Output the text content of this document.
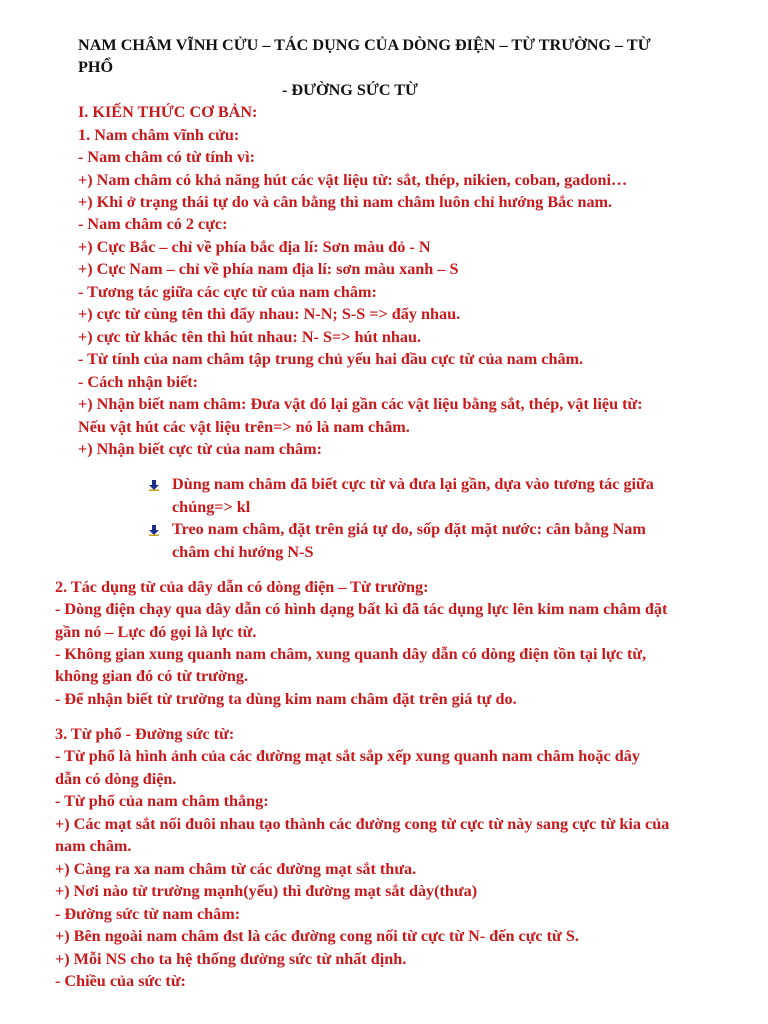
NAM CHÂM VĨNH CỬU – TÁC DỤNG CỦA DÒNG ĐIỆN – TỪ TRƯỜNG – TỪ
PHỔ
- ĐƯỜNG SỨC TỪ
I. KIẾN THỨC CƠ BẢN:
1. Nam châm vĩnh cửu:
- Nam châm có từ tính vì:
+) Nam châm có khả năng hút các vật liệu từ: sắt, thép, nikien, coban, gadoni…
+) Khi ở trạng thái tự do và cân bằng thì nam châm luôn chỉ hướng Bắc nam.
- Nam châm có 2 cực:
+) Cực Bắc – chỉ về phía bắc địa lí: Sơn màu đỏ - N
+) Cực Nam – chỉ về phía nam địa lí: sơn màu xanh – S
- Tương tác giữa các cực từ của nam châm:
+) cực từ cùng tên thì đẩy nhau: N-N; S-S => đẩy nhau.
+) cực từ khác tên thì hút nhau: N- S=> hút nhau.
- Từ tính của nam châm tập trung chủ yếu hai đầu cực từ của nam châm.
- Cách nhận biết:
+) Nhận biết nam châm: Đưa vật đó lại gần các vật liệu bằng sắt, thép, vật liệu từ:
Nếu vật hút các vật liệu trên=> nó là nam châm.
+) Nhận biết cực từ của nam châm:
Dùng nam châm đã biết cực từ và đưa lại gần, dựa vào tương tác giữa
chúng=> kl
Treo nam châm, đặt trên giá tự do, sốp đặt mặt nước: cân bằng Nam
châm chỉ hướng N-S
2. Tác dụng từ của dây dẫn có dòng điện – Từ trường:
- Dòng điện chạy qua dây dẫn có hình dạng bất kì đã tác dụng lực lên kim nam châm đặt
gần nó – Lực đó gọi là lực từ.
- Không gian xung quanh nam châm, xung quanh dây dẫn có dòng điện tồn tại lực từ,
không gian đó có từ trường.
- Để nhận biết từ trường ta dùng kim nam châm đặt trên giá tự do.
3. Từ phổ - Đường sức từ:
- Từ phổ là hình ảnh của các đường mạt sắt sắp xếp xung quanh nam châm hoặc dây
dẫn có dòng điện.
- Từ phổ của nam châm thẳng:
+) Các mạt sắt nối đuôi nhau tạo thành các đường cong từ cực từ này sang cực từ kia của
nam châm.
+) Càng ra xa nam châm từ các đường mạt sắt thưa.
+) Nơi nào từ trường mạnh(yếu) thì đường mạt sắt dày(thưa)
- Đường sức từ nam châm:
+) Bên ngoài nam châm đst là các đường cong nối từ cực từ N- đến cực từ S.
+) Mỗi NS cho ta hệ thống đường sức từ nhất định.
- Chiều của sức từ:
